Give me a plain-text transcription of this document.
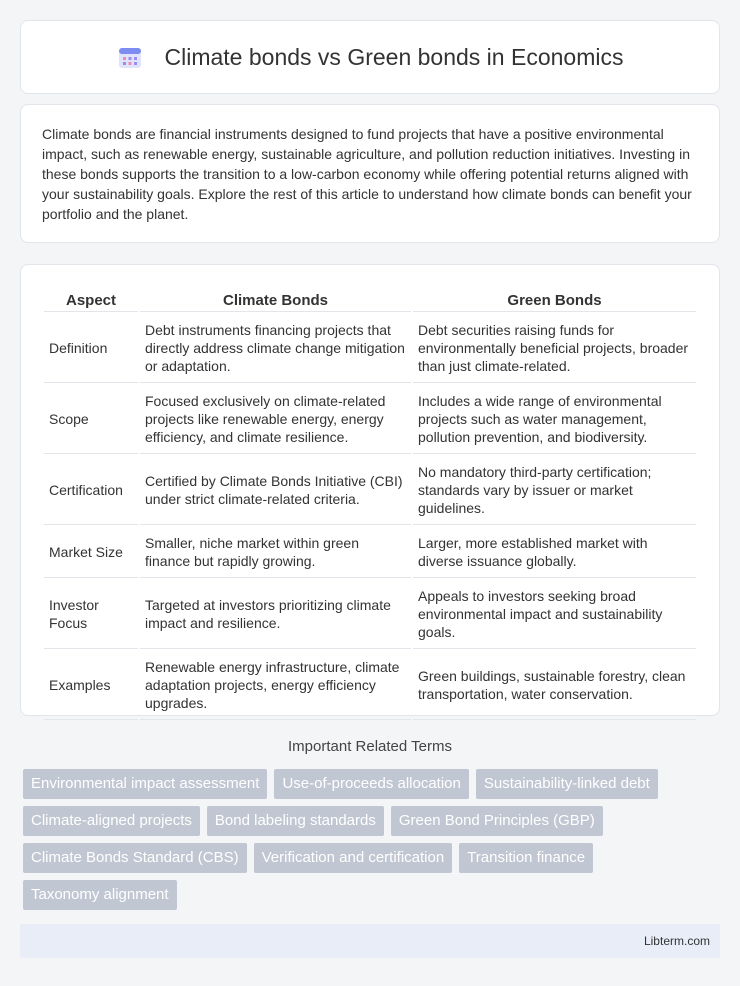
Climate bonds vs Green bonds in Economics
Climate bonds are financial instruments designed to fund projects that have a positive environmental impact, such as renewable energy, sustainable agriculture, and pollution reduction initiatives. Investing in these bonds supports the transition to a low-carbon economy while offering potential returns aligned with your sustainability goals. Explore the rest of this article to understand how climate bonds can benefit your portfolio and the planet.
Aspect	Climate Bonds	Green Bonds
Definition	Debt instruments financing projects that directly address climate change mitigation or adaptation.	Debt securities raising funds for environmentally beneficial projects, broader than just climate-related.
Scope	Focused exclusively on climate-related projects like renewable energy, energy efficiency, and climate resilience.	Includes a wide range of environmental projects such as water management, pollution prevention, and biodiversity.
Certification	Certified by Climate Bonds Initiative (CBI) under strict climate-related criteria.	No mandatory third-party certification; standards vary by issuer or market guidelines.
Market Size	Smaller, niche market within green finance but rapidly growing.	Larger, more established market with diverse issuance globally.
Investor Focus	Targeted at investors prioritizing climate impact and resilience.	Appeals to investors seeking broad environmental impact and sustainability goals.
Examples	Renewable energy infrastructure, climate adaptation projects, energy efficiency upgrades.	Green buildings, sustainable forestry, clean transportation, water conservation.
Important Related Terms
Environmental impact assessment	Use-of-proceeds allocation	Sustainability-linked debt
Climate-aligned projects	Bond labeling standards	Green Bond Principles (GBP)
Climate Bonds Standard (CBS)	Verification and certification	Transition finance
Taxonomy alignment
Libterm.com
